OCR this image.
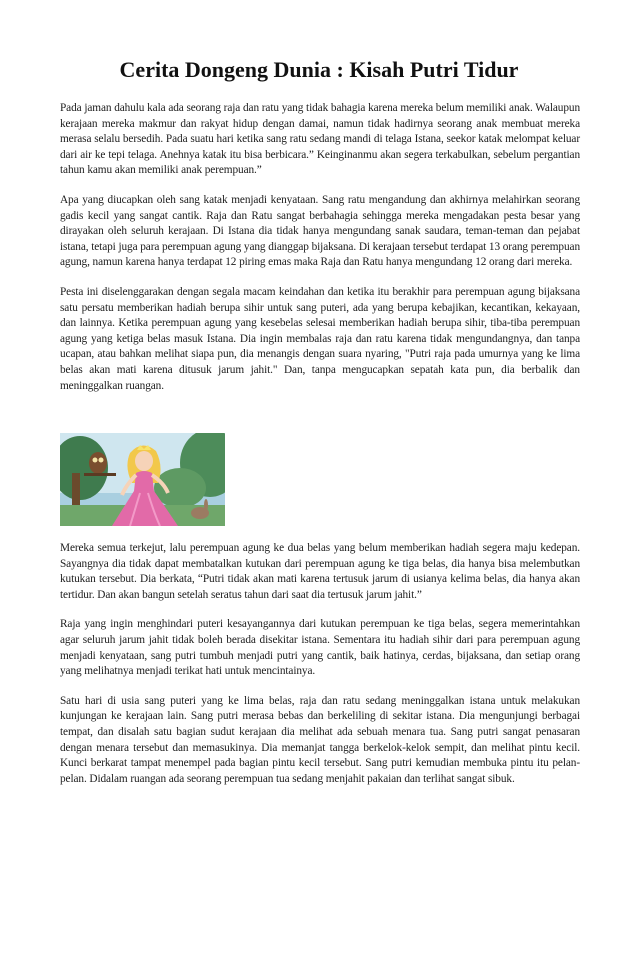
Cerita Dongeng Dunia : Kisah Putri Tidur

Pada jaman dahulu kala ada seorang raja dan ratu yang tidak bahagia karena mereka belum memiliki anak. Walaupun kerajaan mereka makmur dan rakyat hidup dengan damai, namun tidak hadirnya seorang anak membuat mereka merasa selalu bersedih. Pada suatu hari ketika sang ratu sedang mandi di telaga Istana, seekor katak melompat keluar dari air ke tepi telaga. Anehnya katak itu bisa berbicara.” Keinginanmu akan segera terkabulkan, sebelum pergantian tahun kamu akan memiliki anak perempuan.”

Apa yang diucapkan oleh sang katak menjadi kenyataan. Sang ratu mengandung dan akhirnya melahirkan seorang gadis kecil yang sangat cantik. Raja dan Ratu sangat berbahagia sehingga mereka mengadakan pesta besar yang dirayakan oleh seluruh kerajaan. Di Istana dia tidak hanya mengundang sanak saudara, teman-teman dan pejabat istana, tetapi juga para perempuan agung yang dianggap bijaksana. Di kerajaan tersebut terdapat 13 orang perempuan agung, namun karena hanya terdapat 12 piring emas maka Raja dan Ratu hanya mengundang 12 orang dari mereka.

Pesta ini diselenggarakan dengan segala macam keindahan dan ketika itu berakhir para perempuan agung bijaksana satu persatu memberikan hadiah berupa sihir untuk sang puteri, ada yang berupa kebajikan, kecantikan, kekayaan, dan lainnya. Ketika perempuan agung yang kesebelas selesai memberikan hadiah berupa sihir, tiba-tiba perempuan agung yang ketiga belas masuk Istana. Dia ingin membalas raja dan ratu karena tidak mengundangnya, dan tanpa ucapan, atau bahkan melihat siapa pun, dia menangis dengan suara nyaring, "Putri raja pada umurnya yang ke lima belas akan mati karena ditusuk jarum jahit." Dan, tanpa mengucapkan sepatah kata pun, dia berbalik dan meninggalkan ruangan.

Mereka semua terkejut, lalu perempuan agung ke dua belas yang belum memberikan hadiah segera maju kedepan. Sayangnya dia tidak dapat membatalkan kutukan dari perempuan agung ke tiga belas, dia hanya bisa melembutkan kutukan tersebut. Dia berkata, “Putri tidak akan mati karena tertusuk jarum di usianya kelima belas, dia hanya akan tertidur. Dan akan bangun setelah seratus tahun dari saat dia tertusuk jarum jahit.”

Raja yang ingin menghindari puteri kesayangannya dari kutukan perempuan ke tiga belas, segera memerintahkan agar seluruh jarum jahit tidak boleh berada disekitar istana. Sementara itu hadiah sihir dari para perempuan agung menjadi kenyataan, sang putri tumbuh menjadi putri yang cantik, baik hatinya, cerdas, bijaksana, dan setiap orang yang melihatnya menjadi terikat hati untuk mencintainya.

Satu hari di usia sang puteri yang ke lima belas, raja dan ratu sedang meninggalkan istana untuk melakukan kunjungan ke kerajaan lain. Sang putri merasa bebas dan berkeliling di sekitar istana. Dia mengunjungi berbagai tempat, dan disalah satu bagian sudut kerajaan dia melihat ada sebuah menara tua. Sang putri sangat penasaran dengan menara tersebut dan memasukinya. Dia memanjat tangga berkelok-kelok sempit, dan melihat pintu kecil. Kunci berkarat tampat menempel pada bagian pintu kecil tersebut. Sang putri kemudian membuka pintu itu pelan-pelan. Didalam ruangan ada seorang perempuan tua sedang menjahit pakaian dan terlihat sangat sibuk.
